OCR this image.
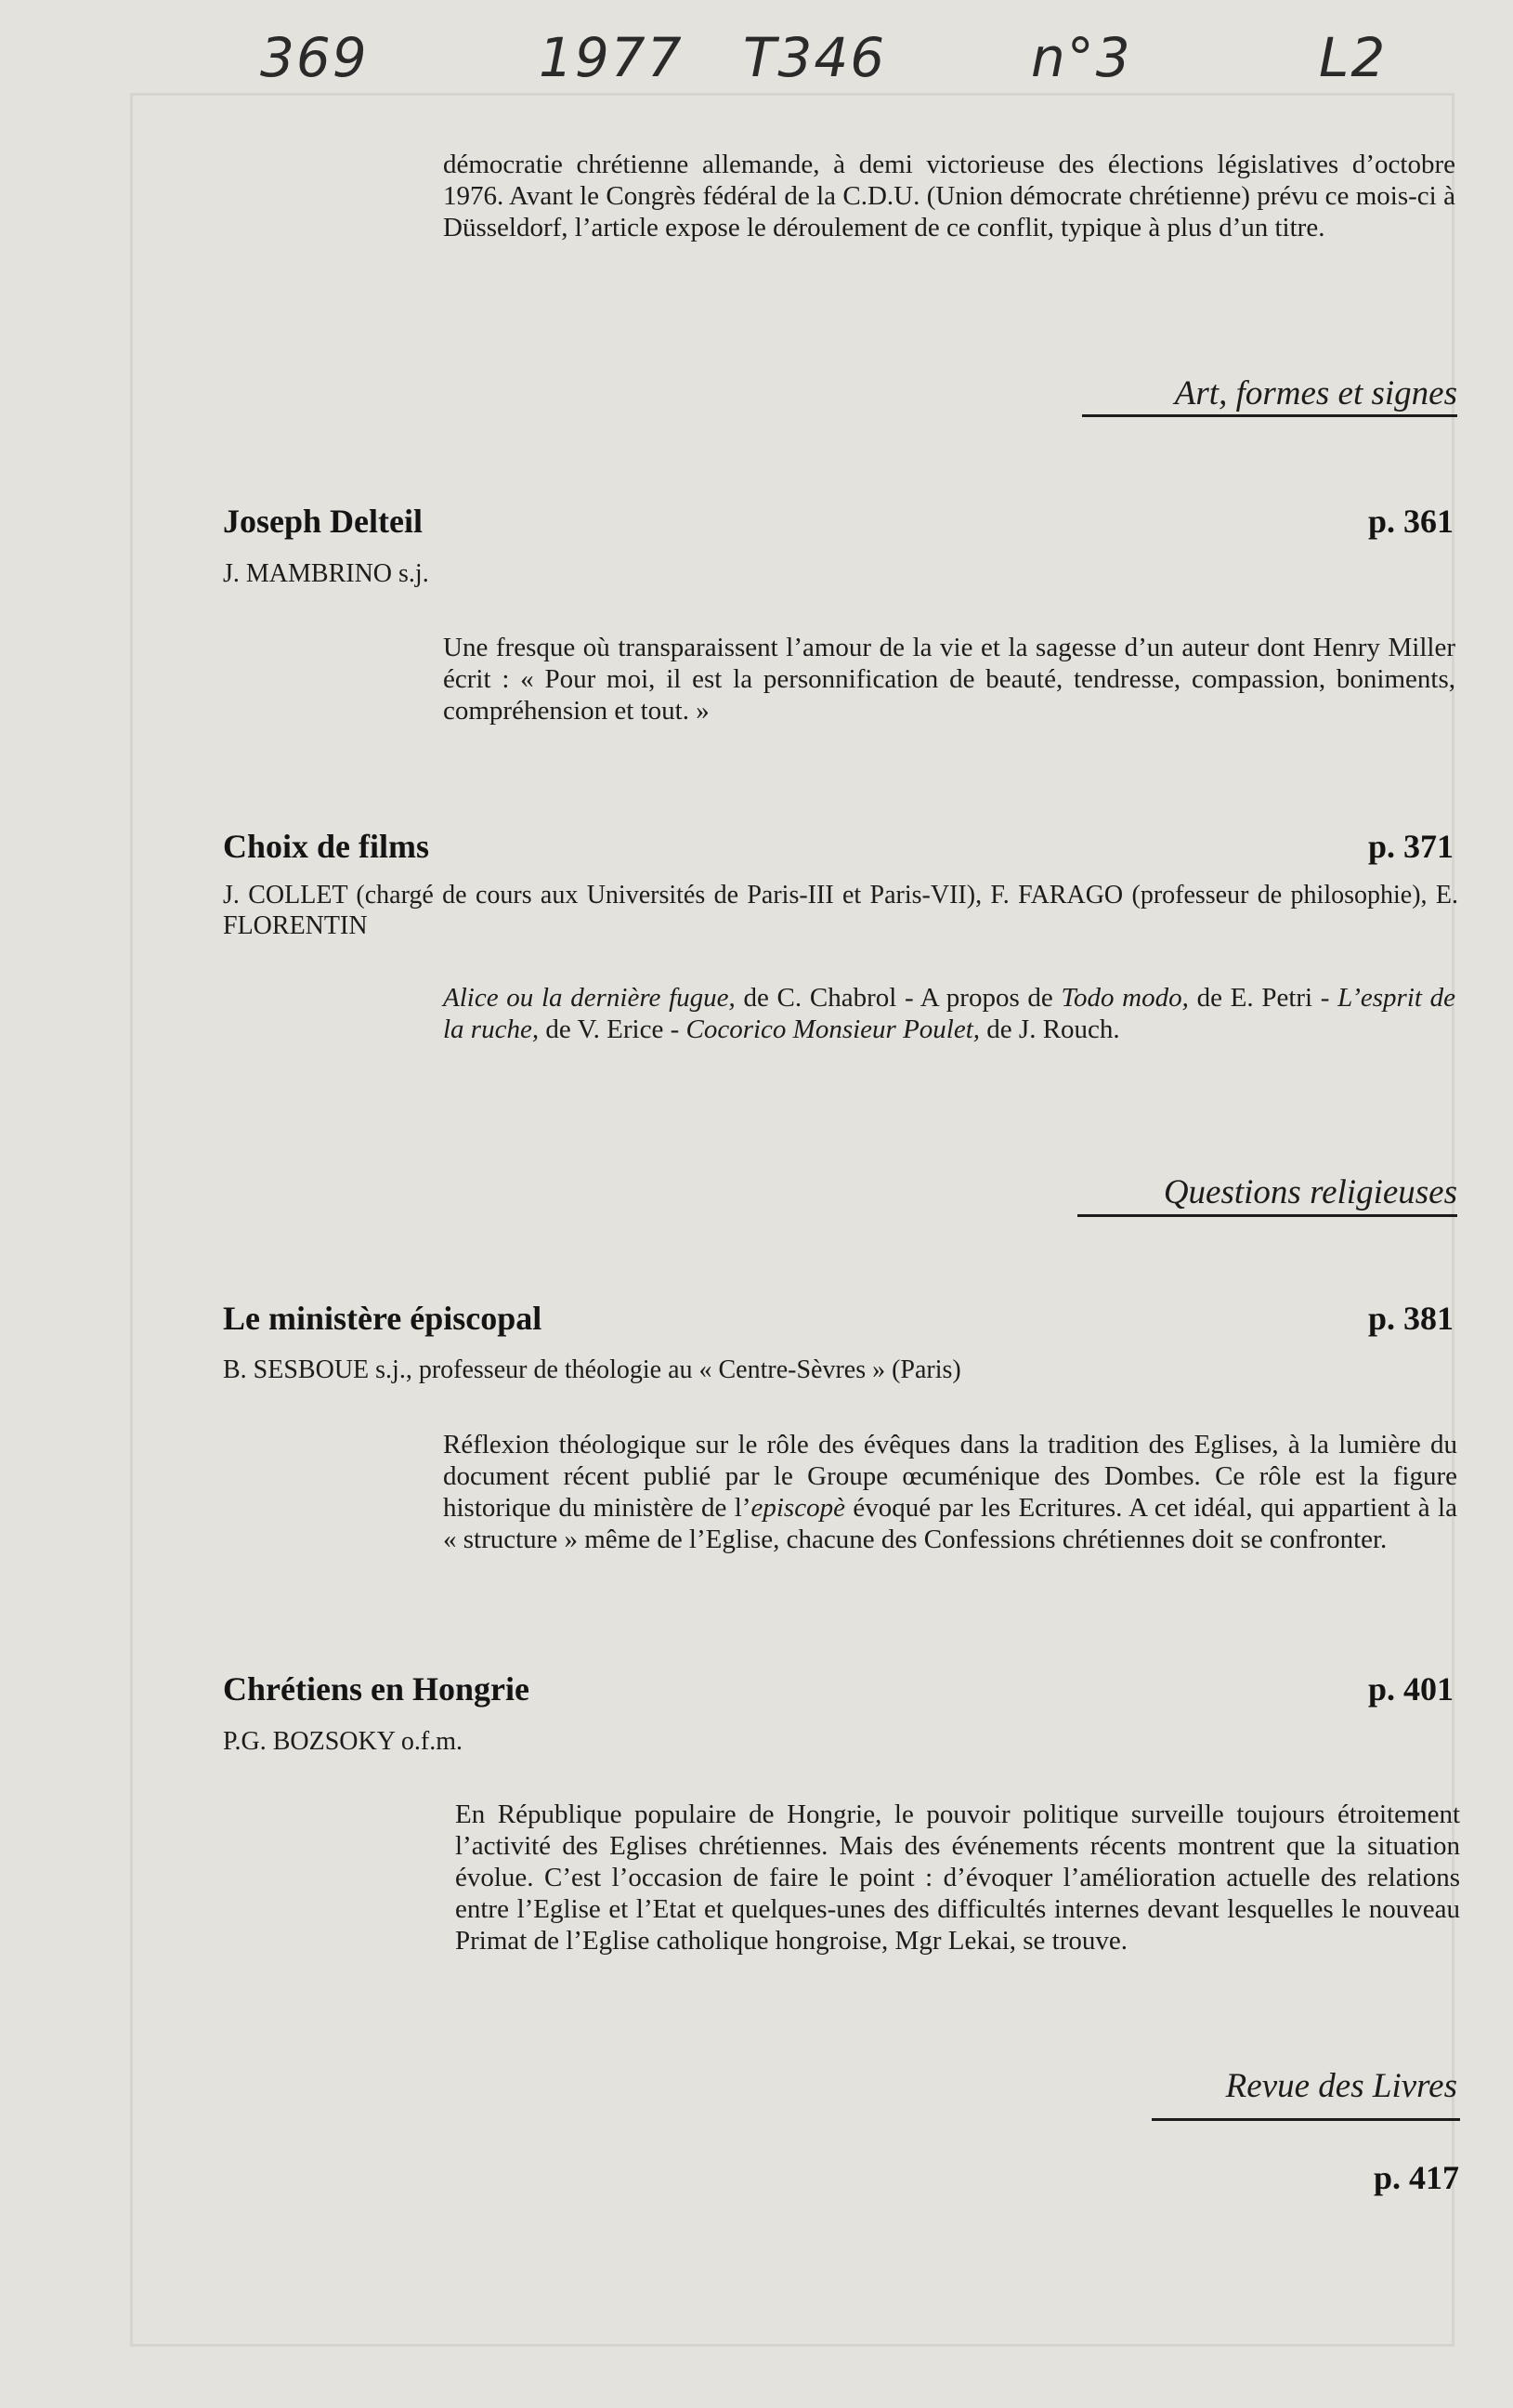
369	1977 T346	n°3	L2
démocratie chrétienne allemande, à demi victorieuse des élections législatives d’octobre 1976. Avant le Congrès fédéral de la C.D.U. (Union démocrate chrétienne) prévu ce mois-ci à Düsseldorf, l’article expose le déroulement de ce conflit, typique à plus d’un titre.
Art, formes et signes
Joseph Delteil	p. 361
J. MAMBRINO s.j.
Une fresque où transparaissent l’amour de la vie et la sagesse d’un auteur dont Henry Miller écrit : « Pour moi, il est la personnification de beauté, tendresse, compassion, boniments, compréhension et tout. »
Choix de films	p. 371
J. COLLET (chargé de cours aux Universités de Paris-III et Paris-VII), F. FARAGO (professeur de philosophie), E. FLORENTIN
Alice ou la dernière fugue, de C. Chabrol - A propos de Todo modo, de E. Petri - L’esprit de la ruche, de V. Erice - Cocorico Monsieur Poulet, de J. Rouch.
Questions religieuses
Le ministère épiscopal	p. 381
B. SESBOUE s.j., professeur de théologie au « Centre-Sèvres » (Paris)
Réflexion théologique sur le rôle des évêques dans la tradition des Eglises, à la lumière du document récent publié par le Groupe œcuménique des Dombes. Ce rôle est la figure historique du ministère de l’episcopè évoqué par les Ecritures. A cet idéal, qui appartient à la « structure » même de l’Eglise, chacune des Confessions chrétiennes doit se confronter.
Chrétiens en Hongrie	p. 401
P.G. BOZSOKY o.f.m.
En République populaire de Hongrie, le pouvoir politique surveille toujours étroitement l’activité des Eglises chrétiennes. Mais des événements récents montrent que la situation évolue. C’est l’occasion de faire le point : d’évoquer l’amélioration actuelle des relations entre l’Eglise et l’Etat et quelques-unes des difficultés internes devant lesquelles le nouveau Primat de l’Eglise catholique hongroise, Mgr Lekai, se trouve.
Revue des Livres
p. 417
